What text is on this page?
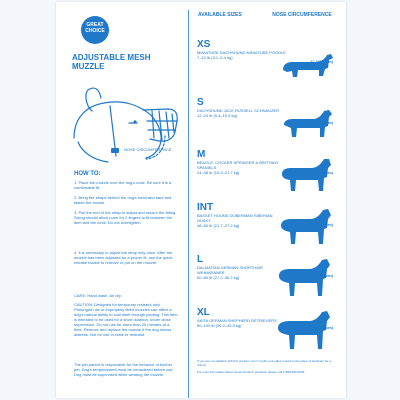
GREAT
CHOICE
ADJUSTABLE MESH MUZZLE
NOSE CIRCUMFERENCE
HOW TO:
1. Place the muzzle over the dog's nose. Be sure it is a comfortable fit.
2. Bring the straps behind the dog's head and ears and fasten the buckle.
3. Pull the end of the strap to adjust and secure the fitting. Sizing should allow room for 2 fingers to fit between the item and the neck. Do not overtighten.
4. It is necessary to adjust the strap only once. After the muzzle has been adjusted for a proper fit, use the quick-release buckle to remove or put on the muzzle.
CARE: Hand wash. Air dry.
CAUTION: Designed for temporary restraint only. Prolonged use or improperly fitted muzzles can affect a dog's natural ability to cool itself through panting. This item is intended to be used for a short duration, under close supervision. Do not use for more than 20 minutes at a time. Remove and replace the muzzle if the dog shows distress. Not for use in crate or restraint.
The pet parent is responsible for the behavior of his/her pet. Dog's temperament must be considered before use. Dog must be supervised while wearing the muzzle.
AVAILABLE SIZES	NOSE CIRCUMFERENCE
XS
MINIATURE DACHSHUND MINIATURE POODLE
7–12 lb (3.1–5.4 kg)
4" (10.2 cm)
S
DACHSHUND JACK RUSSELL SCHNAUZER
12–24 lb (5.4–10.9 kg)
5" (12.7 cm)
M
BEAGLE, COCKER SPRINGER & BRITTANY SPANIELS
24–48 lb (10.9–21.7 kg)	6" (15.2 cm)
INT
BASSET HOUND DOBERMAN SIBERIAN HUSKY
48–60 lb (21.7–27.2 kg)	7" (17.8 cm)
L
DALMATIAN GERMAN SHORTHAIR WEIMARANER
60–80 lb (27.2–36.2 kg)	8" (20.3 cm)
XL
AKITA GERMAN SHEPHERD RETRIEVERS
80–100 lb (36.2–45.3 kg)	9.5" (24.1 cm)
If you are not satisfied with this product, return it with your sales receipt to the place of purchase for a refund.
For more information about Great Choice® products, please call 1-888-839-9638
